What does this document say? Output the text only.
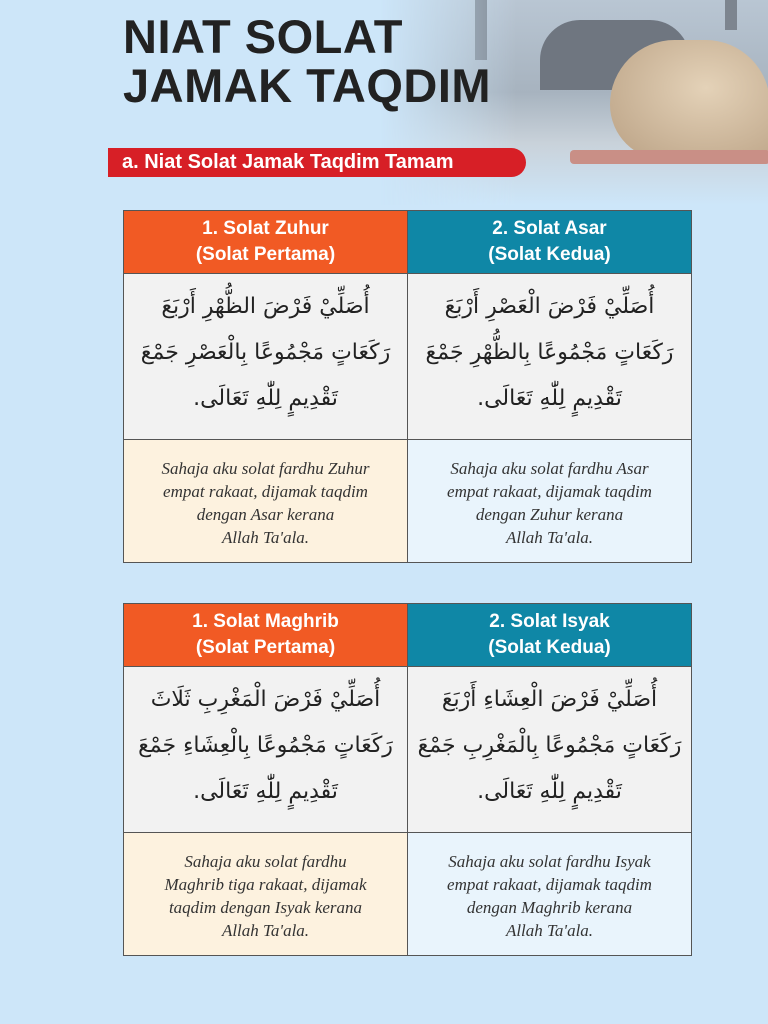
NIAT SOLAT
JAMAK TAQDIM
a. Niat Solat Jamak Taqdim Tamam
1. Solat Zuhur
(Solat Pertama)
2. Solat Asar
(Solat Kedua)
أُصَلِّيْ فَرْضَ الظُّهْرِ أَرْبَعَ
رَكَعَاتٍ مَجْمُوعًا بِالْعَصْرِ جَمْعَ
تَقْدِيمٍ لِلّٰهِ تَعَالَى.
أُصَلِّيْ فَرْضَ الْعَصْرِ أَرْبَعَ
رَكَعَاتٍ مَجْمُوعًا بِالظُّهْرِ جَمْعَ
تَقْدِيمٍ لِلّٰهِ تَعَالَى.
Sahaja aku solat fardhu Zuhur
empat rakaat, dijamak taqdim
dengan Asar kerana
Allah Ta'ala.
Sahaja aku solat fardhu Asar
empat rakaat, dijamak taqdim
dengan Zuhur kerana
Allah Ta'ala.
1. Solat Maghrib
(Solat Pertama)
2. Solat Isyak
(Solat Kedua)
أُصَلِّيْ فَرْضَ الْمَغْرِبِ ثَلَاثَ
رَكَعَاتٍ مَجْمُوعًا بِالْعِشَاءِ جَمْعَ
تَقْدِيمٍ لِلّٰهِ تَعَالَى.
أُصَلِّيْ فَرْضَ الْعِشَاءِ أَرْبَعَ
رَكَعَاتٍ مَجْمُوعًا بِالْمَغْرِبِ جَمْعَ
تَقْدِيمٍ لِلّٰهِ تَعَالَى.
Sahaja aku solat fardhu
Maghrib tiga rakaat, dijamak
taqdim dengan Isyak kerana
Allah Ta'ala.
Sahaja aku solat fardhu Isyak
empat rakaat, dijamak taqdim
dengan Maghrib kerana
Allah Ta'ala.
